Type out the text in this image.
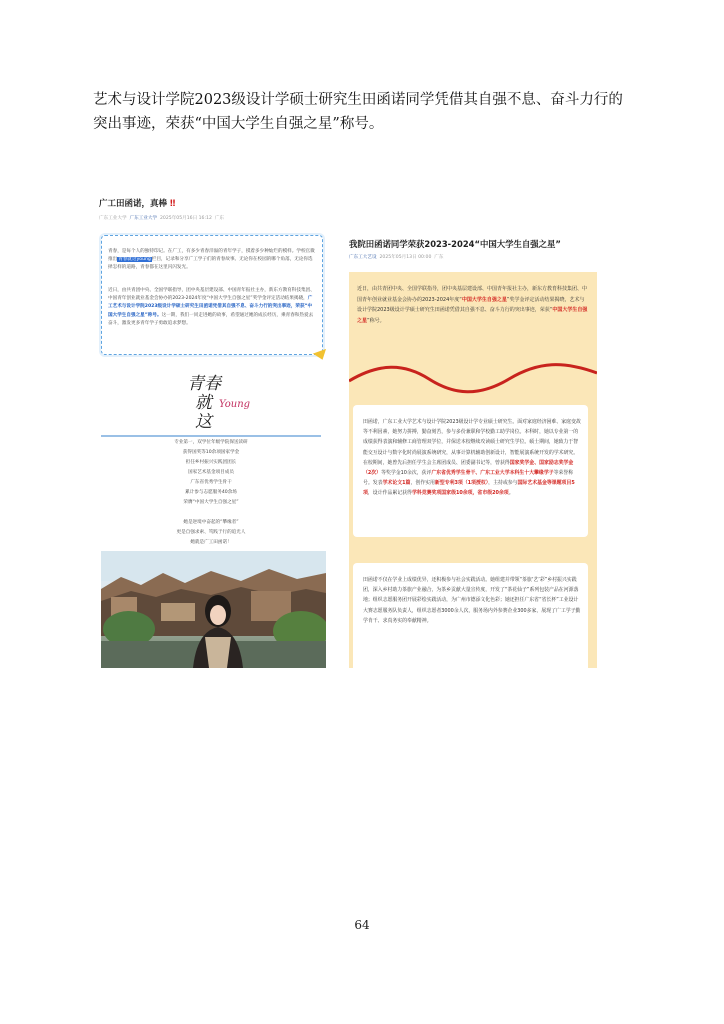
艺术与设计学院2023级设计学硕士研究生田函诺同学凭借其自强不息、奋斗力行的突出事迹，荣获“中国大学生自强之星”称号。

广工田函诺，真棒 ‼
广东工业大学 广东工业大学 2025年05月16日 16:12 广东

青春，是每个人的独特印记。在广工，有多少青春洋溢的青年学子，摸着多少种灿烂的模样。学校官微推出青春就这young栏目，记录和分享广工学子们的青春故事。无论你在校园的哪个角落，无论你选择怎样的道路，青春都在这里闪闪发光。

近日，由共青团中央、全国学联指导，团中央基层建设部、中国青年报社主办，新东方教育科技集团、中国青年创业就业基金会协办的2023-2024年度“中国大学生自强之星”奖学金评定活动结果揭晓，广工艺术与设计学院2023级设计学硕士研究生田函诺凭借其自强不息、奋斗力行的突出事迹，荣获“中国大学生自强之星”称号。这一期，我们一同走进她的故事，希望通过她的成长经历，乘青春和热爱去奋斗，激发更多青年学子勇敢追求梦想。

青春
就这
Young
专业第一，双学位年级学院保送读研
获得国奖等10余项国家学金
担任乡村振兴实践团团长
国家艺术基金项目成员
广东省优秀学生骨干
累计参与志愿服务40余场
荣膺“中国大学生自强之星”
她是逆境中奋起的“攀缘者”
更是自强求索、笃践于行的追光人
她就是广工田函诺！
我院田函诺同学荣获2023-2024“中国大学生自强之星”
广东工大艺设 2025年05月13日 00:00 广东

近日，由共青团中央、全国学联指导，团中央基层建设部、中国青年报社主办，新东方教育科技集团、中国青年创业就业基金会协办的2023-2024年度“中国大学生自强之星”奖学金评定活动结果揭晓，艺术与设计学院2023级设计学硕士研究生田函诺凭借其自强不息、奋斗力行的突出事迹，荣获“中国大学生自强之星”称号。

田函诺，广东工业大学艺术与设计学院2023级设计学专业硕士研究生。面对家庭经济困难、家庭变故等不利因素，她努力拼搏，勤奋刻苦，参与多份兼职和学校勤工助学岗位。本科时，她以专业第一的成绩获得表演和辅修工商管理双学位，并保送本校继续攻读硕士研究生学位。硕士期间，她致力于智能交互设计与数字化时尚展演系统研究，从事计算机辅助创新设计，智能展演系统开发的学术研究。在校期间，她曾先后担任学生会主席团成员、团委副书记等，曾获得国家奖学金、国家励志奖学金（2次）等奖学金10余次，获评广东省优秀学生骨干、广东工业大学本科生十大攀缘学子等荣誉称号。发表学术论文1篇，创作实用新型专利3项（1项授权），主持或参与国际艺术基金等课题项目5项，设计作品累记获得学科竞赛奖项国家级10余项，省市级20余项。

田函诺不仅在学业上成绩优异，还积极参与社会实践活动。她组建并带领“茶旅‘艺’彩”乡村振兴实践团，深入乡村助力茶旅产业融合，为茶乡贡献大量宣传度，开发了“茶花仙子”系列包装产品在河源落地；组织志愿服务团开展彩绘实践活动，为广州市德添文化色彩；她还担任广东省“省长杯”工业设计大赛志愿服务队负责人，组织志愿者3000余人次，服务场内外参赛企业300多家，展现了广工学子勤学肯干、求真务实的奉献精神。

64
